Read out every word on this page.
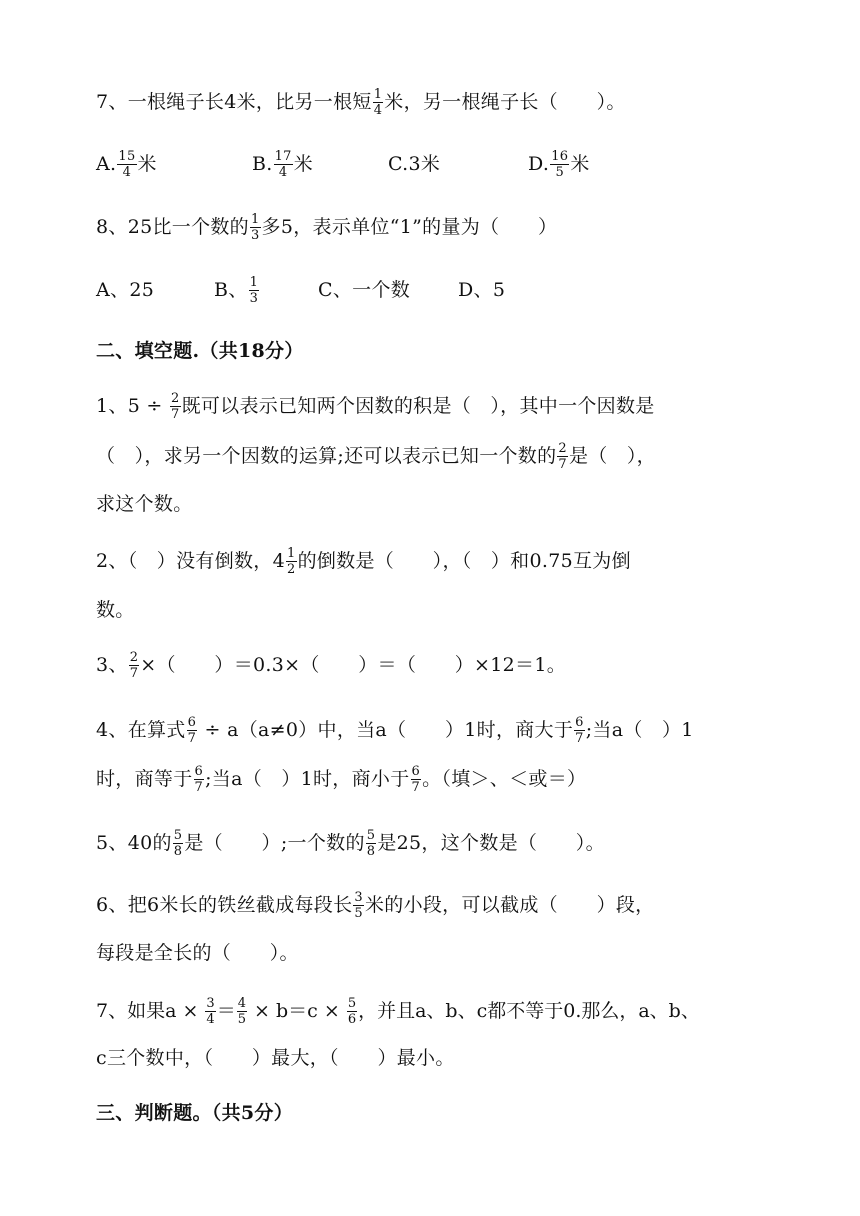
7、一根绳子长4米，比另一根短 $\frac{1}{4}$ 米，另一根绳子长（　　）。
A. $\frac{15}{4}$ 米	B. $\frac{17}{4}$ 米	C.3米	D. $\frac{16}{5}$ 米
8、25比一个数的 $\frac{1}{3}$ 多5，表示单位“1”的量为（　　）
A、25	B、 $\frac{1}{3}$	C、一个数	D、5
二、填空题.（共18分）
1、$5 \div \frac{2}{7}$ 既可以表示已知两个因数的积是（　），其中一个因数是
（　），求另一个因数的运算;还可以表示已知一个数的 $\frac{2}{7}$ 是（　），
求这个数。
2、（　）没有倒数，$4 \frac{1}{2}$ 的倒数是（　　），（　）和0.75互为倒
数。
3、 $\frac{2}{7}$ ×（　　）＝0.3×（　　）＝（　　）×12＝1。
4、在算式 $\frac{6}{7} \div a(a\ne 0)$中，当a（　　）1时，商大于 $\frac{6}{7}$ ;当a（　）1
时，商等于 $\frac{6}{7}$ ;当a（　）1时，商小于 $\frac{6}{7}$ 。（填＞、＜或＝）
5、40的 $\frac{5}{8}$ 是（　　）;一个数的 $\frac{5}{8}$ 是25，这个数是（　　）。
6、把6米长的铁丝截成每段长 $\frac{3}{5}$ 米的小段，可以截成（　　）段，
每段是全长的（　　）。
7、如果$a \times \frac{3}{4} = \frac{4}{5} \times b=c \times \frac{5}{6}$ ，并且a、b、c都不等于0.那么，a、b、
c三个数中，（　　）最大，（　　）最小。
三、判断题。（共5分）
